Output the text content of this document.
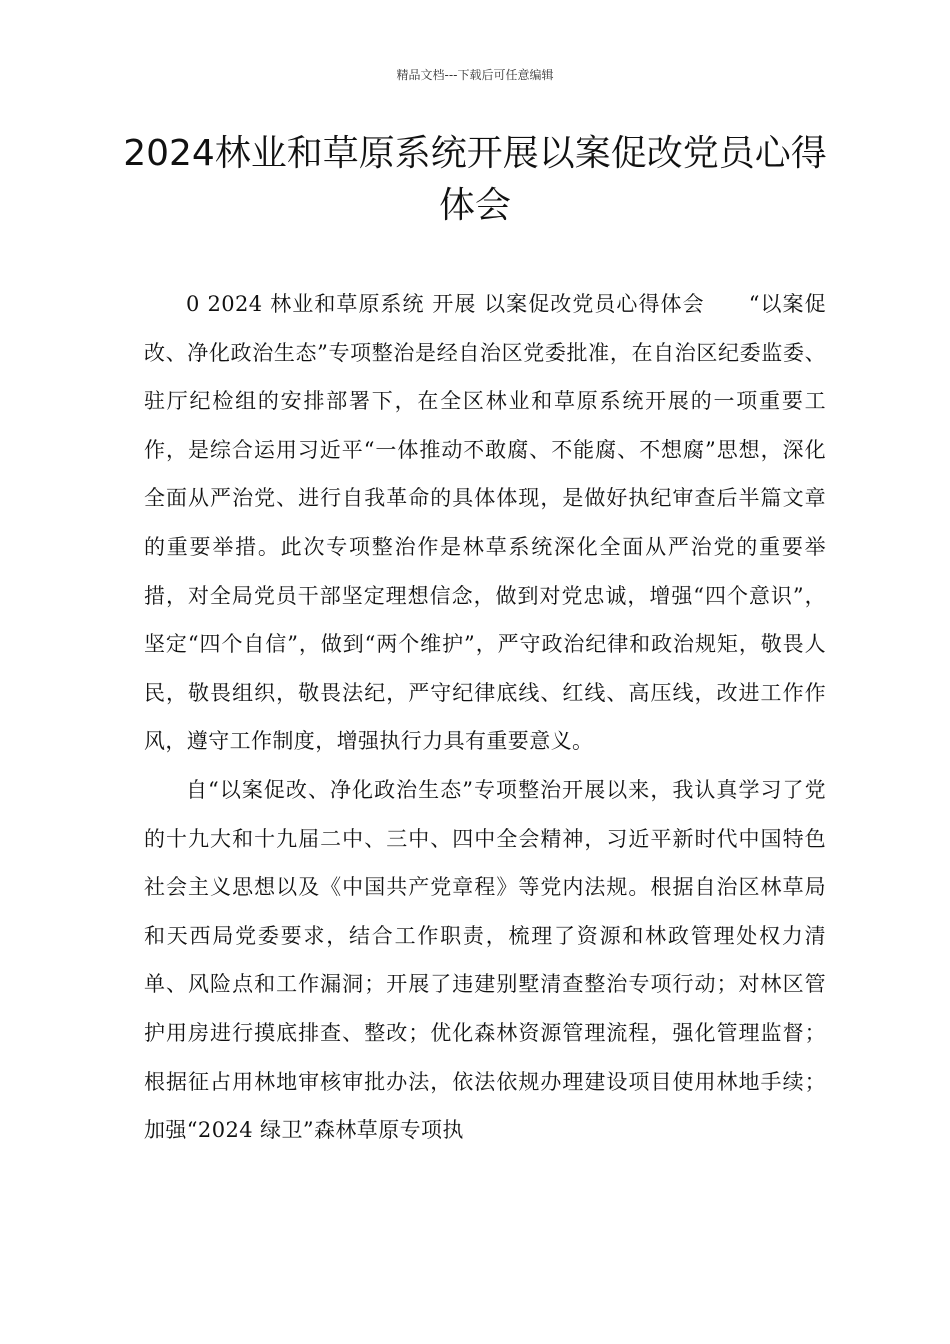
精品文档---下载后可任意编辑
2024林业和草原系统开展以案促改党员心得体会

0 2024 林业和草原系统 开展 以案促改党员心得体会　　“以案促改、净化政治生态”专项整治是经自治区党委批准，在自治区纪委监委、驻厅纪检组的安排部署下，在全区林业和草原系统开展的一项重要工作，是综合运用习近平“一体推动不敢腐、不能腐、不想腐”思想，深化全面从严治党、进行自我革命的具体体现，是做好执纪审查后半篇文章的重要举措。此次专项整治作是林草系统深化全面从严治党的重要举措，对全局党员干部坚定理想信念，做到对党忠诚，增强“四个意识”，坚定“四个自信”，做到“两个维护”，严守政治纪律和政治规矩，敬畏人民，敬畏组织，敬畏法纪，严守纪律底线、红线、高压线，改进工作作风，遵守工作制度，增强执行力具有重要意义。

自“以案促改、净化政治生态”专项整治开展以来，我认真学习了党的十九大和十九届二中、三中、四中全会精神，习近平新时代中国特色社会主义思想以及《中国共产党章程》等党内法规。根据自治区林草局和天西局党委要求，结合工作职责，梳理了资源和林政管理处权力清单、风险点和工作漏洞；开展了违建别墅清查整治专项行动；对林区管护用房进行摸底排查、整改；优化森林资源管理流程，强化管理监督；根据征占用林地审核审批办法，依法依规办理建设项目使用林地手续；加强“2024 绿卫”森林草原专项执
